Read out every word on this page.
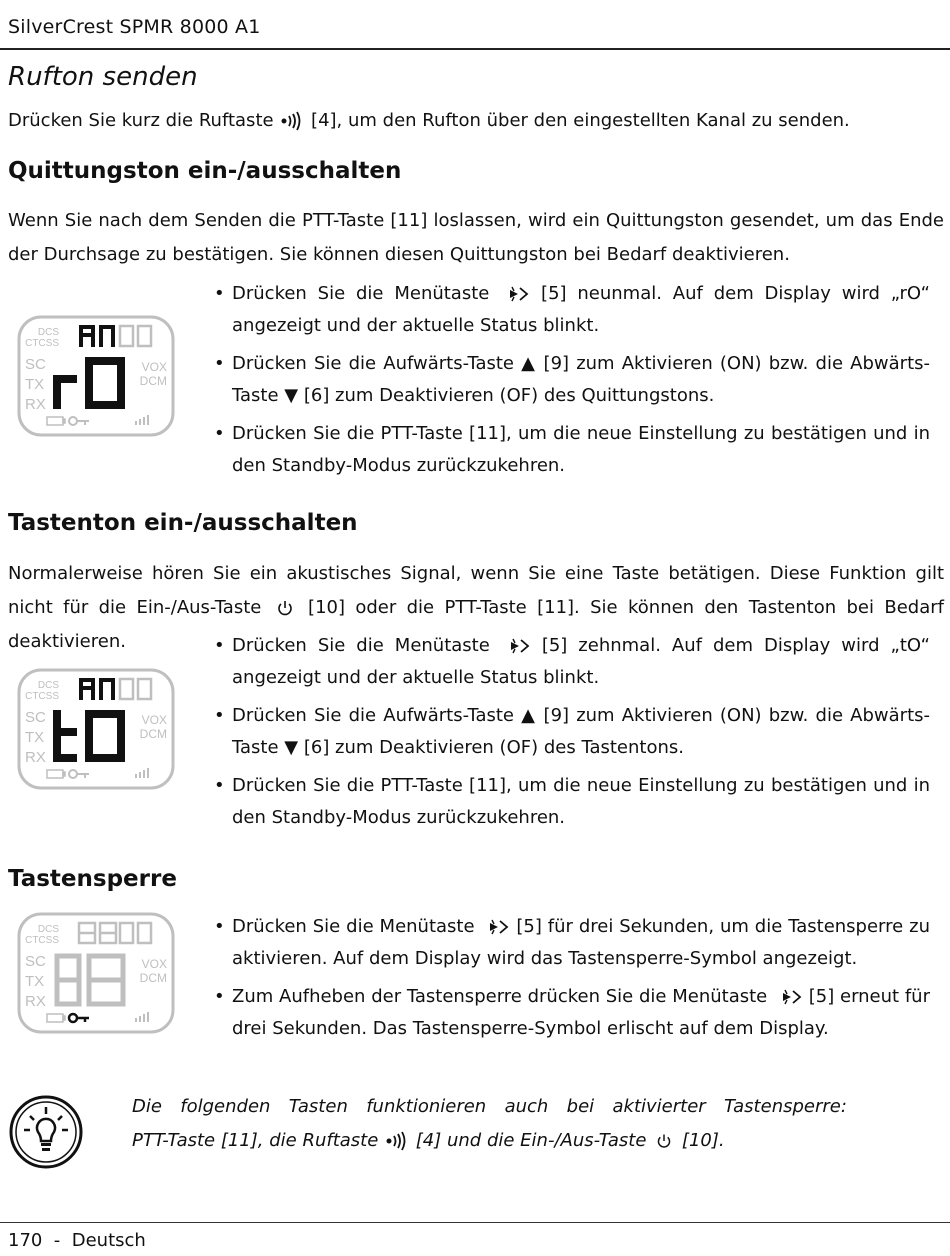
SilverCrest SPMR 8000 A1
Rufton senden
Drücken Sie kurz die Ruftaste [4], um den Rufton über den eingestellten Kanal zu senden.
Quittungston ein-/ausschalten
Wenn Sie nach dem Senden die PTT-Taste [11] loslassen, wird ein Quittungston gesendet, um das Ende der Durchsage zu bestätigen. Sie können diesen Quittungston bei Bedarf deaktivieren.
DCS
CTCSS
SC
TX
RX
VOX
DCM
• Drücken Sie die Menütaste	[5] neunmal. Auf dem Display wird „rO“ angezeigt und der aktuelle Status blinkt.
• Drücken Sie die Aufwärts-Taste ▲ [9] zum Aktivieren (ON) bzw. die Abwärts-Taste ▼ [6] zum Deaktivieren (OF) des Quittungstons.
• Drücken Sie die PTT-Taste [11], um die neue Einstellung zu bestätigen und in den Standby-Modus zurückzukehren.
Tastenton ein-/ausschalten
Normalerweise hören Sie ein akustisches Signal, wenn Sie eine Taste betätigen. Diese Funktion gilt nicht für die Ein-/Aus-Taste	[10] oder die PTT-Taste [11]. Sie können den Tastenton bei Bedarf deaktivieren.
DCS
CTCSS
SC
TX
RX
VOX
DCM
• Drücken Sie die Menütaste	[5] zehnmal. Auf dem Display wird „tO“ angezeigt und der aktuelle Status blinkt.
• Drücken Sie die Aufwärts-Taste ▲ [9] zum Aktivieren (ON) bzw. die Abwärts-Taste ▼ [6] zum Deaktivieren (OF) des Tastentons.
• Drücken Sie die PTT-Taste [11], um die neue Einstellung zu bestätigen und in den Standby-Modus zurückzukehren.
Tastensperre
DCS
CTCSS
SC
TX
RX
VOX
DCM
• Drücken Sie die Menütaste [5] für drei Sekunden, um die Tastensperre zu aktivieren. Auf dem Display wird das Tastensperre-Symbol angezeigt.
• Zum Aufheben der Tastensperre drücken Sie die Menütaste [5] erneut für drei Sekunden. Das Tastensperre-Symbol erlischt auf dem Display.
Die folgenden Tasten funktionieren auch bei aktivierter Tastensperre:
PTT-Taste [11], die Ruftaste [4] und die Ein-/Aus-Taste [10].
170  -  Deutsch
